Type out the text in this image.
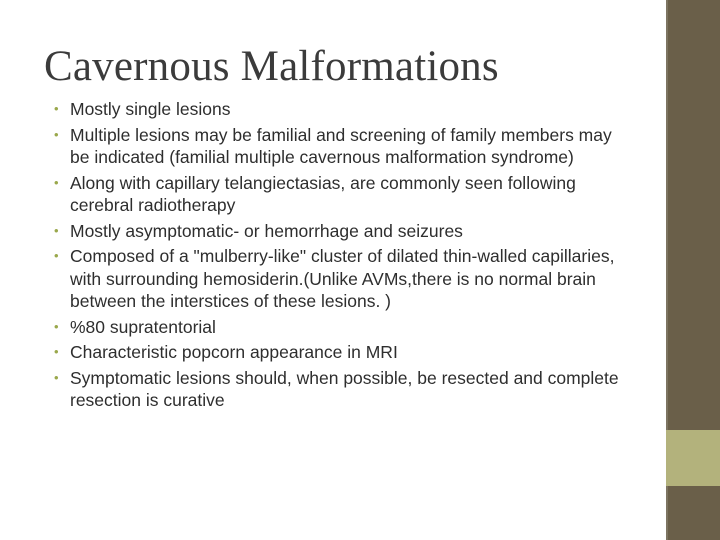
Cavernous Malformations
• Mostly single lesions
• Multiple lesions may be familial and screening of family members may be indicated (familial multiple cavernous malformation syndrome)
• Along with capillary telangiectasias, are commonly seen following cerebral radiotherapy
• Mostly asymptomatic- or hemorrhage and seizures
• Composed of a "mulberry-like" cluster of dilated thin-walled capillaries, with surrounding hemosiderin.(Unlike AVMs,there is no normal brain between the interstices of these lesions. )
• %80 supratentorial
• Characteristic popcorn appearance in MRI
• Symptomatic lesions should, when possible, be resected and complete resection is curative
